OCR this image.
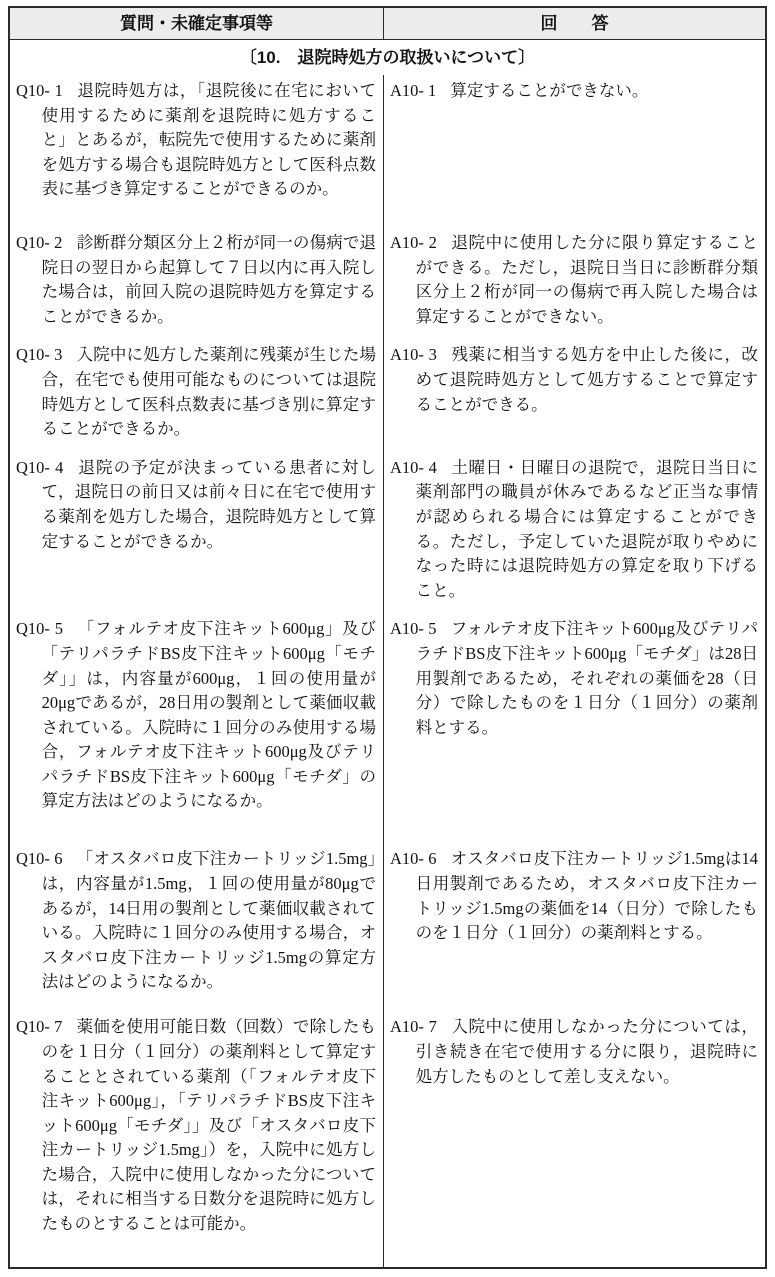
質問・未確定事項等	回　　答
〔10.　退院時処方の取扱いについて〕

Q10- 1 退院時処方は，「退院後に在宅において使用するために薬剤を退院時に処方すること」とあるが，転院先で使用するために薬剤を処方する場合も退院時処方として医科点数表に基づき算定することができるのか。

A10- 1 算定することができない。

Q10- 2 診断群分類区分上２桁が同一の傷病で退院日の翌日から起算して７日以内に再入院した場合は，前回入院の退院時処方を算定することができるか。

A10- 2 退院中に使用した分に限り算定することができる。ただし，退院日当日に診断群分類区分上２桁が同一の傷病で再入院した場合は算定することができない。

Q10- 3 入院中に処方した薬剤に残薬が生じた場合，在宅でも使用可能なものについては退院時処方として医科点数表に基づき別に算定することができるか。

A10- 3 残薬に相当する処方を中止した後に，改めて退院時処方として処方することで算定することができる。

Q10- 4 退院の予定が決まっている患者に対して，退院日の前日又は前々日に在宅で使用する薬剤を処方した場合，退院時処方として算定することができるか。

A10- 4 土曜日・日曜日の退院で，退院日当日に薬剤部門の職員が休みであるなど正当な事情が認められる場合には算定することができる。ただし，予定していた退院が取りやめになった時には退院時処方の算定を取り下げること。

Q10- 5 「フォルテオ皮下注キット600μg」及び「テリパラチドBS皮下注キット600μg「モチダ」」は，内容量が600μg，１回の使用量が20μgであるが，28日用の製剤として薬価収載されている。入院時に１回分のみ使用する場合，フォルテオ皮下注キット600μg及びテリパラチドBS皮下注キット600μg「モチダ」の算定方法はどのようになるか。

A10- 5 フォルテオ皮下注キット600μg及びテリパラチドBS皮下注キット600μg「モチダ」は28日用製剤であるため，それぞれの薬価を28（日分）で除したものを１日分（１回分）の薬剤料とする。

Q10- 6 「オスタバロ皮下注カートリッジ1.5mg」は，内容量が1.5mg，１回の使用量が80μgであるが，14日用の製剤として薬価収載されている。入院時に１回分のみ使用する場合，オスタバロ皮下注カートリッジ1.5mgの算定方法はどのようになるか。

A10- 6 オスタバロ皮下注カートリッジ1.5mgは14日用製剤であるため，オスタバロ皮下注カートリッジ1.5mgの薬価を14（日分）で除したものを１日分（１回分）の薬剤料とする。

Q10- 7 薬価を使用可能日数（回数）で除したものを１日分（１回分）の薬剤料として算定することとされている薬剤（「フォルテオ皮下注キット600μg」，「テリパラチドBS皮下注キット600μg「モチダ」」及び「オスタバロ皮下注カートリッジ1.5mg」）を，入院中に処方した場合，入院中に使用しなかった分については，それに相当する日数分を退院時に処方したものとすることは可能か。

A10- 7 入院中に使用しなかった分については，引き続き在宅で使用する分に限り，退院時に処方したものとして差し支えない。
